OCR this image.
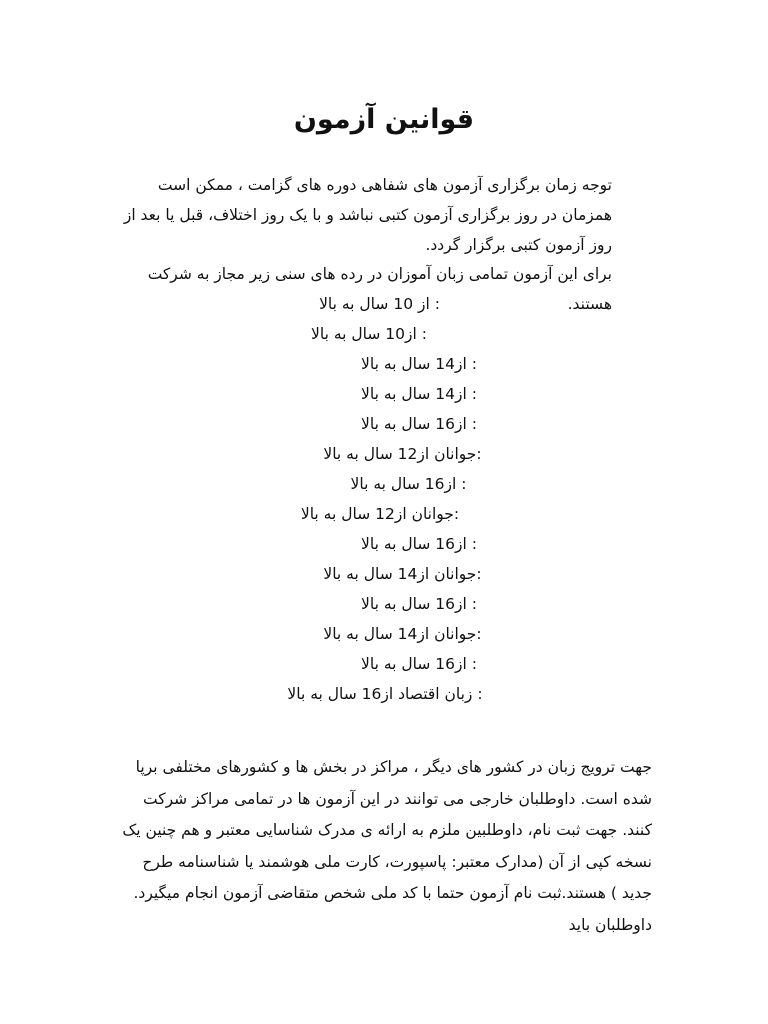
قوانین آزمون

توجه زمان برگزاری آزمون های شفاهی دوره های گزامت ، ممکن است همزمان در روز برگزاری آزمون کتبی نباشد و با یک روز اختلاف، قبل یا بعد از روز آزمون کتبی برگزار گردد.

برای این آزمون تمامی زبان آموزان در رده های سنی زیر مجاز به شرکت هستند.

: از 10 سال به بالا
: از10 سال به بالا
: از14 سال به بالا
: از14 سال به بالا
: از16 سال به بالا
:جوانان از12 سال به بالا
: از16 سال به بالا
:جوانان از12 سال به بالا
: از16 سال به بالا
:جوانان از14 سال به بالا
: از16 سال به بالا
:جوانان از14 سال به بالا
: از16 سال به بالا
: زبان اقتصاد از16 سال به بالا

جهت ترویج زبان در کشور های دیگر ، مراکز در بخش ها و کشورهای مختلفی برپا شده است. داوطلبان خارجی می توانند در این آزمون ها در تمامی مراکز شرکت کنند. جهت ثبت نام، داوطلبین ملزم به ارائه ی مدرک شناسایی معتبر و هم چنین یک نسخه کپی از آن (مدارک معتبر: پاسپورت، کارت ملی هوشمند یا شناسنامه طرح جدید ) هستند.ثبت نام آزمون حتما با کد ملی شخص متقاضی آزمون انجام میگیرد. داوطلبان باید
